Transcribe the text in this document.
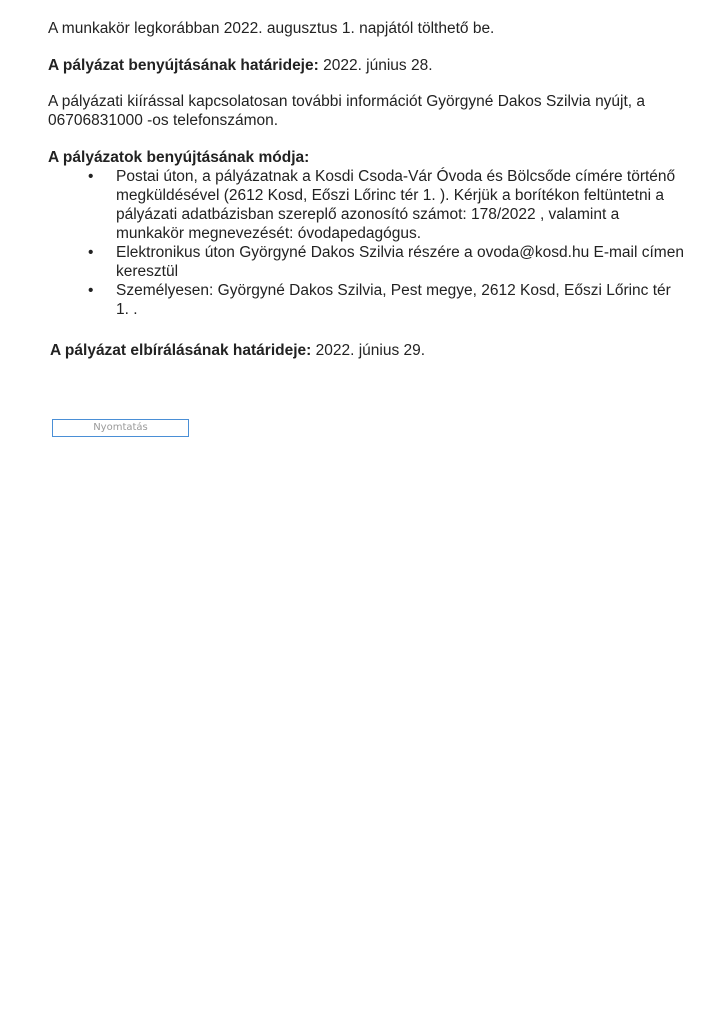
A munkakör legkorábban 2022. augusztus 1. napjától tölthető be.
A pályázat benyújtásának határideje: 2022. június 28.
A pályázati kiírással kapcsolatosan további információt Györgyné Dakos Szilvia nyújt, a 06706831000 -os telefonszámon.
A pályázatok benyújtásának módja:
• Postai úton, a pályázatnak a Kosdi Csoda-Vár Óvoda és Bölcsőde címére történő megküldésével (2612 Kosd, Eőszi Lőrinc tér 1. ). Kérjük a borítékon feltüntetni a pályázati adatbázisban szereplő azonosító számot: 178/2022 , valamint a munkakör megnevezését: óvodapedagógus.
• Elektronikus úton Györgyné Dakos Szilvia részére a ovoda@kosd.hu E-mail címen keresztül
• Személyesen: Györgyné Dakos Szilvia, Pest megye, 2612 Kosd, Eőszi Lőrinc tér 1. .
A pályázat elbírálásának határideje: 2022. június 29.
Nyomtatás
